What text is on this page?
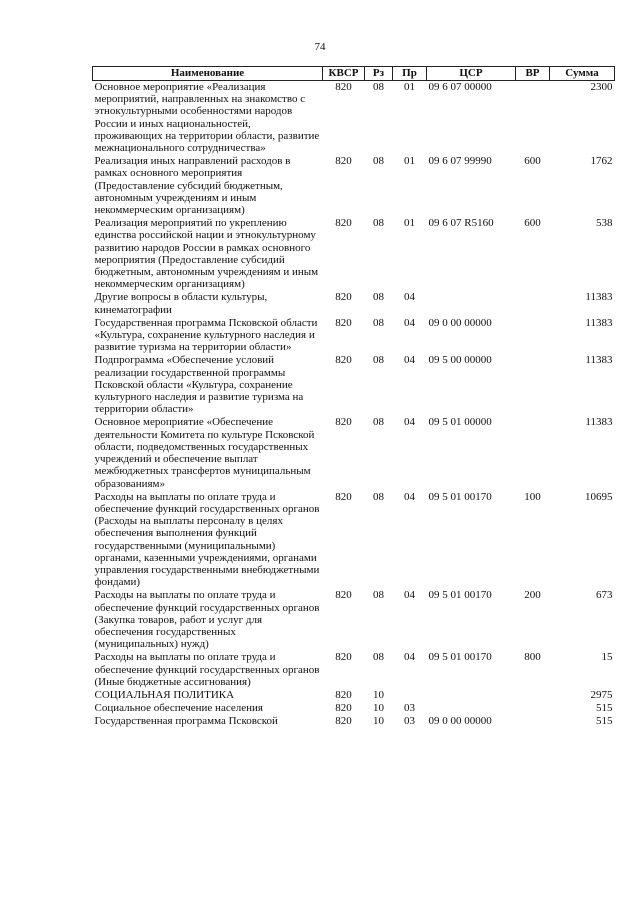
74
Наименование	КВСР	Рз	Пр	ЦСР	ВР	Сумма
Основное мероприятие «Реализация мероприятий, направленных на знакомство с этнокультурными особенностями народов России и иных национальностей, проживающих на территории области, развитие межнационального сотрудничества»	820	08	01	09 6 07 00000		2300
Реализация иных направлений расходов в рамках основного мероприятия (Предоставление субсидий бюджетным, автономным учреждениям и иным некоммерческим организациям)	820	08	01	09 6 07 99990	600	1762
Реализация мероприятий по укреплению единства российской нации и этнокультурному развитию народов России в рамках основного мероприятия (Предоставление субсидий бюджетным, автономным учреждениям и иным некоммерческим организациям)	820	08	01	09 6 07 R5160	600	538
Другие вопросы в области культуры, кинематографии	820	08	04			11383
Государственная программа Псковской области «Культура, сохранение культурного наследия и развитие туризма на территории области»	820	08	04	09 0 00 00000		11383
Подпрограмма «Обеспечение условий реализации государственной программы Псковской области «Культура, сохранение культурного наследия и развитие туризма на территории области»	820	08	04	09 5 00 00000		11383
Основное мероприятие «Обеспечение деятельности Комитета по культуре Псковской области, подведомственных государственных учреждений и обеспечение выплат межбюджетных трансфертов муниципальным образованиям»	820	08	04	09 5 01 00000		11383
Расходы на выплаты по оплате труда и обеспечение функций государственных органов (Расходы на выплаты персоналу в целях обеспечения выполнения функций государственными (муниципальными) органами, казенными учреждениями, органами управления государственными внебюджетными фондами)	820	08	04	09 5 01 00170	100	10695
Расходы на выплаты по оплате труда и обеспечение функций государственных органов (Закупка товаров, работ и услуг для обеспечения государственных (муниципальных) нужд)	820	08	04	09 5 01 00170	200	673
Расходы на выплаты по оплате труда и обеспечение функций государственных органов (Иные бюджетные ассигнования)	820	08	04	09 5 01 00170	800	15
СОЦИАЛЬНАЯ ПОЛИТИКА	820	10				2975
Социальное обеспечение населения	820	10	03			515
Государственная программа Псковской	820	10	03	09 0 00 00000		515
